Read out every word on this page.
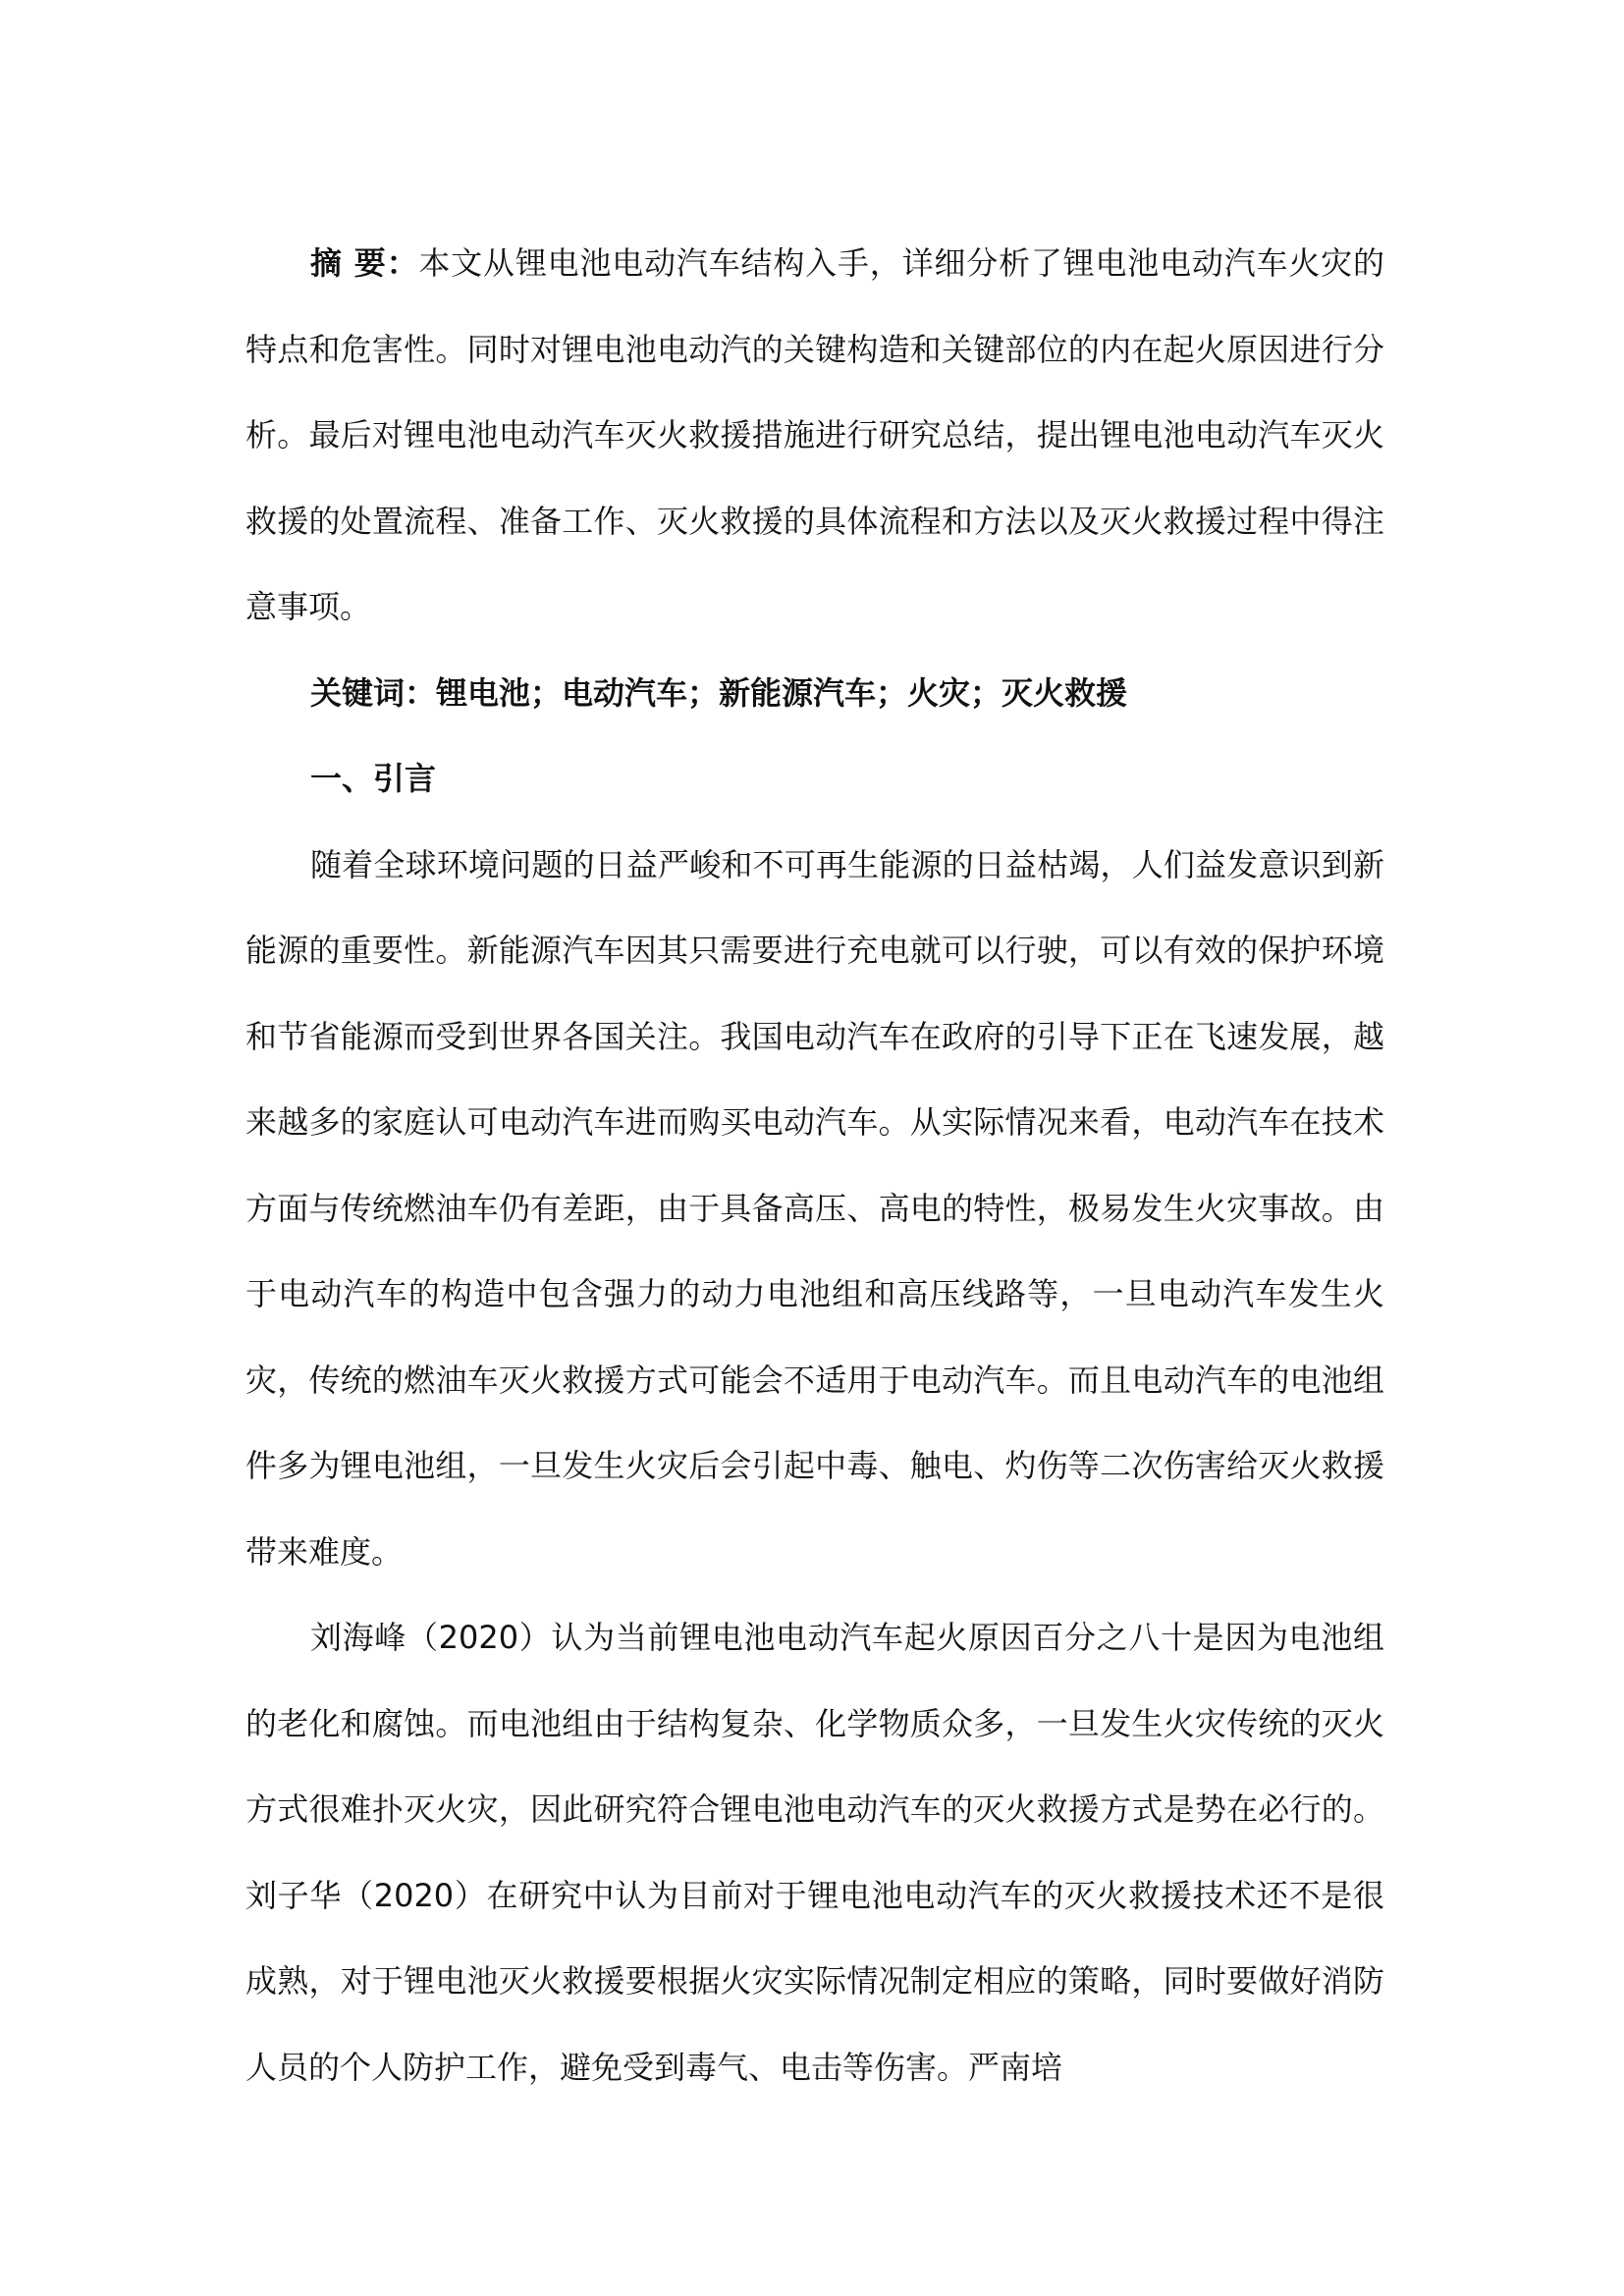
摘 要：本文从锂电池电动汽车结构入手，详细分析了锂电池电动汽车火灾的特点和危害性。同时对锂电池电动汽的关键构造和关键部位的内在起火原因进行分析。最后对锂电池电动汽车灭火救援措施进行研究总结，提出锂电池电动汽车灭火救援的处置流程、准备工作、灭火救援的具体流程和方法以及灭火救援过程中得注意事项。

关键词：锂电池；电动汽车；新能源汽车；火灾；灭火救援

一、引言

随着全球环境问题的日益严峻和不可再生能源的日益枯竭，人们益发意识到新能源的重要性。新能源汽车因其只需要进行充电就可以行驶，可以有效的保护环境和节省能源而受到世界各国关注。我国电动汽车在政府的引导下正在飞速发展，越来越多的家庭认可电动汽车进而购买电动汽车。从实际情况来看，电动汽车在技术方面与传统燃油车仍有差距，由于具备高压、高电的特性，极易发生火灾事故。由于电动汽车的构造中包含强力的动力电池组和高压线路等，一旦电动汽车发生火灾，传统的燃油车灭火救援方式可能会不适用于电动汽车。而且电动汽车的电池组件多为锂电池组，一旦发生火灾后会引起中毒、触电、灼伤等二次伤害给灭火救援带来难度。

刘海峰（2020）认为当前锂电池电动汽车起火原因百分之八十是因为电池组的老化和腐蚀。而电池组由于结构复杂、化学物质众多，一旦发生火灾传统的灭火方式很难扑灭火灾，因此研究符合锂电池电动汽车的灭火救援方式是势在必行的。刘子华（2020）在研究中认为目前对于锂电池电动汽车的灭火救援技术还不是很成熟，对于锂电池灭火救援要根据火灾实际情况制定相应的策略，同时要做好消防人员的个人防护工作，避免受到毒气、电击等伤害。严南培
